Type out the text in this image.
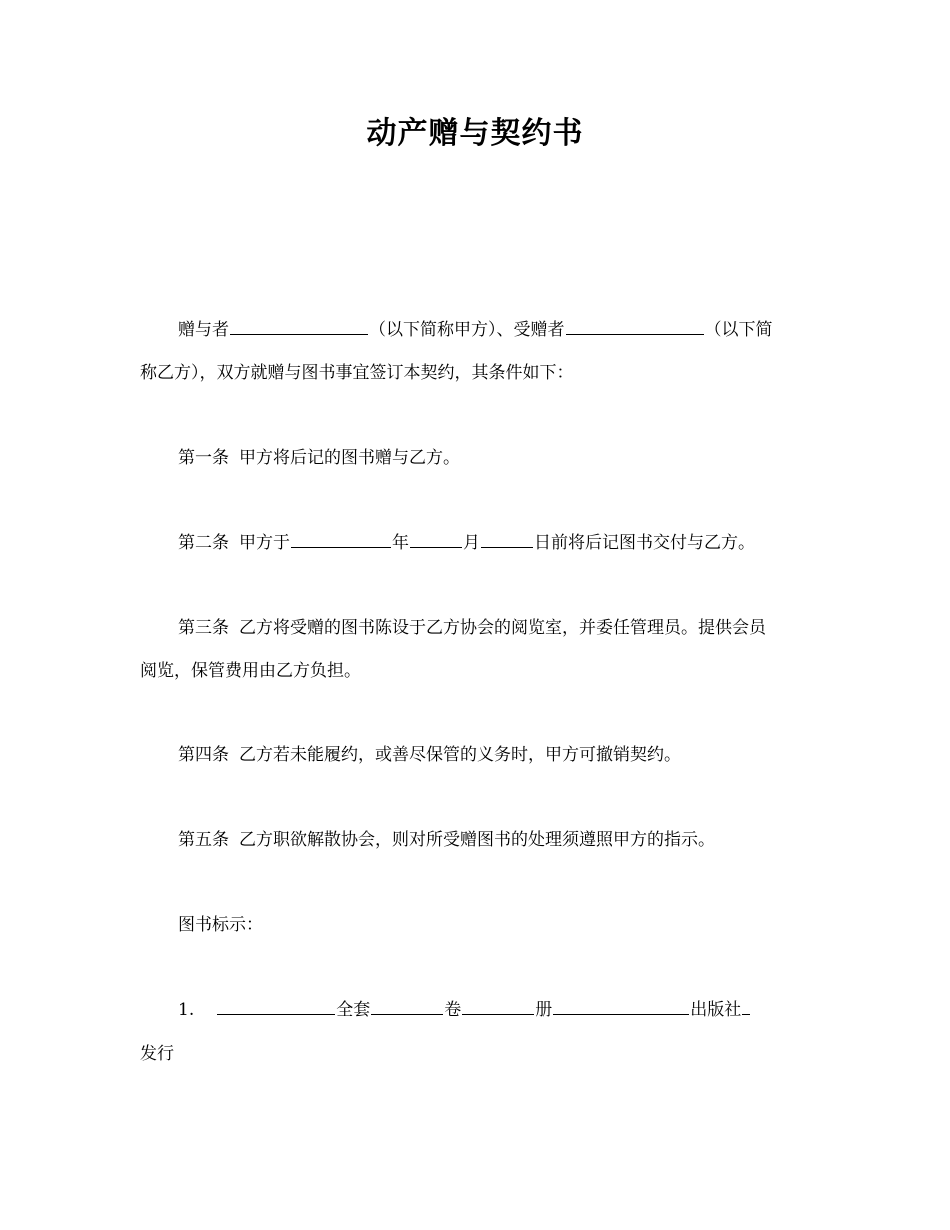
动产赠与契约书
赠与者	（以下简称甲方）、受赠者	（以下简
称乙方），双方就赠与图书事宜签订本契约，其条件如下：
第一条 甲方将后记的图书赠与乙方。
第二条 甲方于	年	月	日前将后记图书交付与乙方。
第三条 乙方将受赠的图书陈设于乙方协会的阅览室，并委任管理员。提供会员
阅览，保管费用由乙方负担。
第四条 乙方若未能履约，或善尽保管的义务时，甲方可撤销契约。
第五条 乙方职欲解散协会，则对所受赠图书的处理须遵照甲方的指示。
图书标示：
1.	全套	卷	册	出版社
发行
